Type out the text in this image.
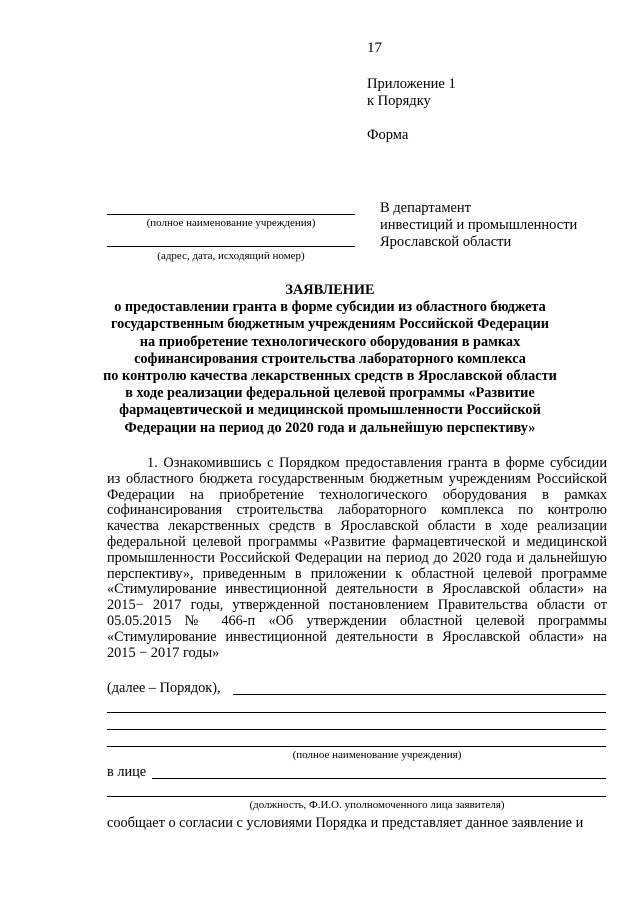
17
Приложение 1
к Порядку
Форма
(полное наименование учреждения)
(адрес, дата, исходящий номер)
В департамент
инвестиций и промышленности
Ярославской области
ЗАЯВЛЕНИЕ
о предоставлении гранта в форме субсидии из областного бюджета
государственным бюджетным учреждениям Российской Федерации
на приобретение технологического оборудования в рамках
софинансирования строительства лабораторного комплекса
по контролю качества лекарственных средств в Ярославской области
в ходе реализации федеральной целевой программы «Развитие
фармацевтической и медицинской промышленности Российской
Федерации на период до 2020 года и дальнейшую перспективу»

1. Ознакомившись с Порядком предоставления гранта в форме субсидии из областного бюджета государственным бюджетным учреждениям Российской Федерации на приобретение технологического оборудования в рамках софинансирования строительства лабораторного комплекса по контролю качества лекарственных средств в Ярославской области в ходе реализации федеральной целевой программы «Развитие фармацевтической и медицинской промышленности Российской Федерации на период до 2020 года и дальнейшую перспективу», приведенным в приложении к областной целевой программе «Стимулирование инвестиционной деятельности в Ярославской области» на 2015− 2017 годы, утвержденной постановлением Правительства области от 05.05.2015 № 466-п «Об утверждении областной целевой программы «Стимулирование инвестиционной деятельности в Ярославской области» на 2015 − 2017 годы»

(далее – Порядок),
(полное наименование учреждения)
в лице
(должность, Ф.И.О. уполномоченного лица заявителя)
сообщает о согласии с условиями Порядка и представляет данное заявление и
